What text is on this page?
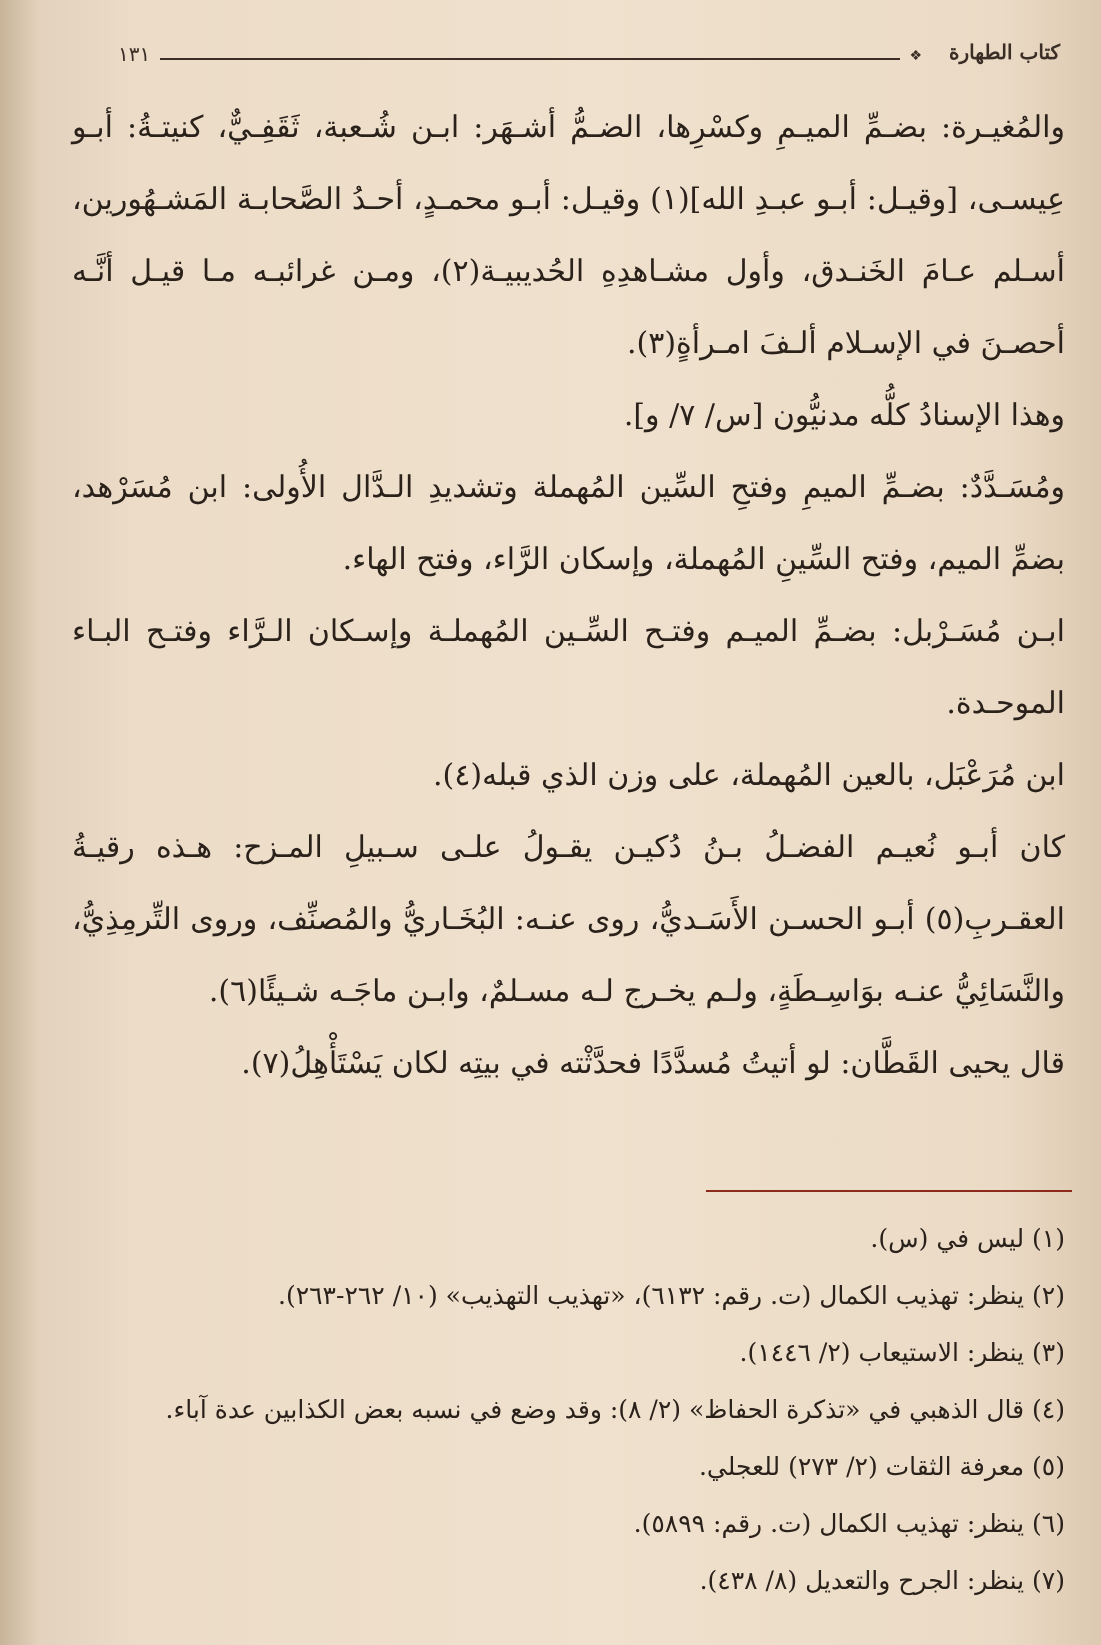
كتاب الطهارة
❖
١٣١

والمُغيـرة: بضـمِّ الميـمِ وكسْرِها، الضـمُّ أشـهَر: ابـن شُـعبة، ثَقَفِـيٌّ، كنيتـةُ: أبـو عِيسـى، [وقيـل: أبـو عبـدِ الله](١) وقيـل: أبـو محمـدٍ، أحـدُ الصَّحابـة المَشـهُورين، أسـلم عـامَ الخَنـدق، وأول مشـاهدِهِ الحُديبيـة(٢)، ومـن غرائبـه مـا قيـل أنَّـه أحصـنَ في الإسـلام ألـفَ امـرأةٍ(٣).

وهذا الإسنادُ كلُّه مدنيُّون [س/ ٧/ و].

ومُسَـدَّدٌ: بضـمِّ الميمِ وفتحِ السِّين المُهملة وتشديدِ الـدَّال الأُولى: ابن مُسَرْهد، بضمِّ الميم، وفتح السِّينِ المُهملة، وإسكان الرَّاء، وفتح الهاء.

ابـن مُسَـرْبل: بضـمِّ الميـم وفتـح السِّـين المُهملـة وإسـكان الـرَّاء وفتـح البـاء الموحـدة.

ابن مُرَعْبَل، بالعين المُهملة، على وزن الذي قبله(٤).

كان أبـو نُعيـم الفضـلُ بـنُ دُكيـن يقـولُ علـى سـبيلِ المـزح: هـذه رقيـةُ العقـربِ(٥) أبـو الحسـن الأَسَـديُّ، روى عنـه: البُخَـاريُّ والمُصنِّف، وروى التِّرمِذِيُّ، والنَّسَائِيُّ عنـه بوَاسِـطَةٍ، ولـم يخـرج لـه مسـلمٌ، وابـن ماجَـه شـيئًا(٦).

قال يحيى القَطَّان: لو أتيتُ مُسدَّدًا فحدَّثْته في بيتِه لكان يَسْتَأْهِلُ(٧).

(١) ليس في (س).
(٢) ينظر: تهذيب الكمال (ت. رقم: ٦١٣٢)، «تهذيب التهذيب» (١٠/ ٢٦٢-٢٦٣).
(٣) ينظر: الاستيعاب (٢/ ١٤٤٦).
(٤) قال الذهبي في «تذكرة الحفاظ» (٢/ ٨): وقد وضع في نسبه بعض الكذابين عدة آباء.
(٥) معرفة الثقات (٢/ ٢٧٣) للعجلي.
(٦) ينظر: تهذيب الكمال (ت. رقم: ٥٨٩٩).
(٧) ينظر: الجرح والتعديل (٨/ ٤٣٨).
